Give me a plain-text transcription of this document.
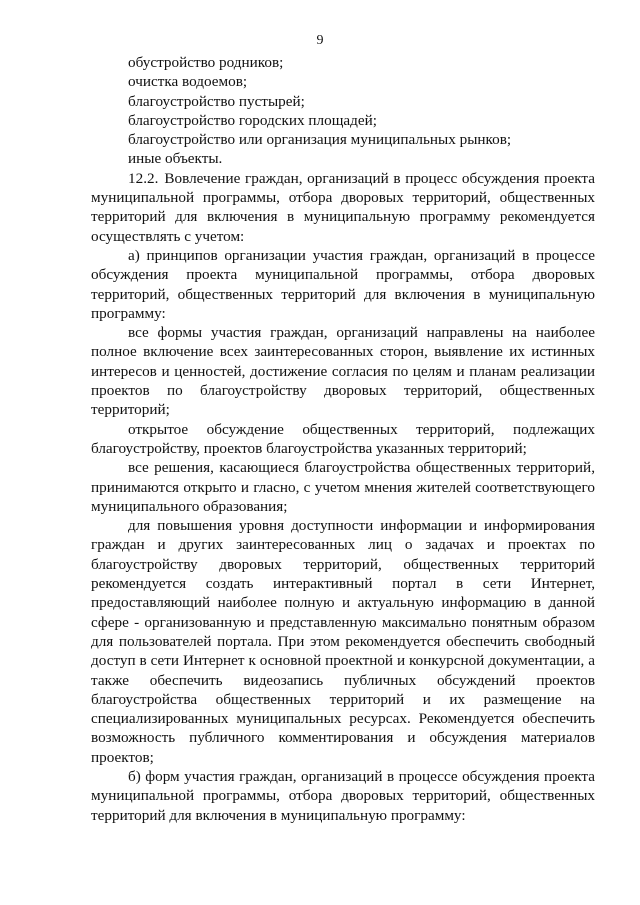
9
обустройство родников;
очистка водоемов;
благоустройство пустырей;
благоустройство городских площадей;
благоустройство или организация муниципальных рынков;
иные объекты.

12.2. Вовлечение граждан, организаций в процесс обсуждения проекта муниципальной программы, отбора дворовых территорий, общественных территорий для включения в муниципальную программу рекомендуется осуществлять с учетом:

а) принципов организации участия граждан, организаций в процессе обсуждения проекта муниципальной программы, отбора дворовых территорий, общественных территорий для включения в муниципальную программу:

все формы участия граждан, организаций направлены на наиболее полное включение всех заинтересованных сторон, выявление их истинных интересов и ценностей, достижение согласия по целям и планам реализации проектов по благоустройству дворовых территорий, общественных территорий;

открытое обсуждение общественных территорий, подлежащих благоустройству, проектов благоустройства указанных территорий;

все решения, касающиеся благоустройства общественных территорий, принимаются открыто и гласно, с учетом мнения жителей соответствующего муниципального образования;

для повышения уровня доступности информации и информирования граждан и других заинтересованных лиц о задачах и проектах по благоустройству дворовых территорий, общественных территорий рекомендуется создать интерактивный портал в сети Интернет, предоставляющий наиболее полную и актуальную информацию в данной сфере - организованную и представленную максимально понятным образом для пользователей портала. При этом рекомендуется обеспечить свободный доступ в сети Интернет к основной проектной и конкурсной документации, а также обеспечить видеозапись публичных обсуждений проектов благоустройства общественных территорий и их размещение на специализированных муниципальных ресурсах. Рекомендуется обеспечить возможность публичного комментирования и обсуждения материалов проектов;

б) форм участия граждан, организаций в процессе обсуждения проекта муниципальной программы, отбора дворовых территорий, общественных территорий для включения в муниципальную программу:
